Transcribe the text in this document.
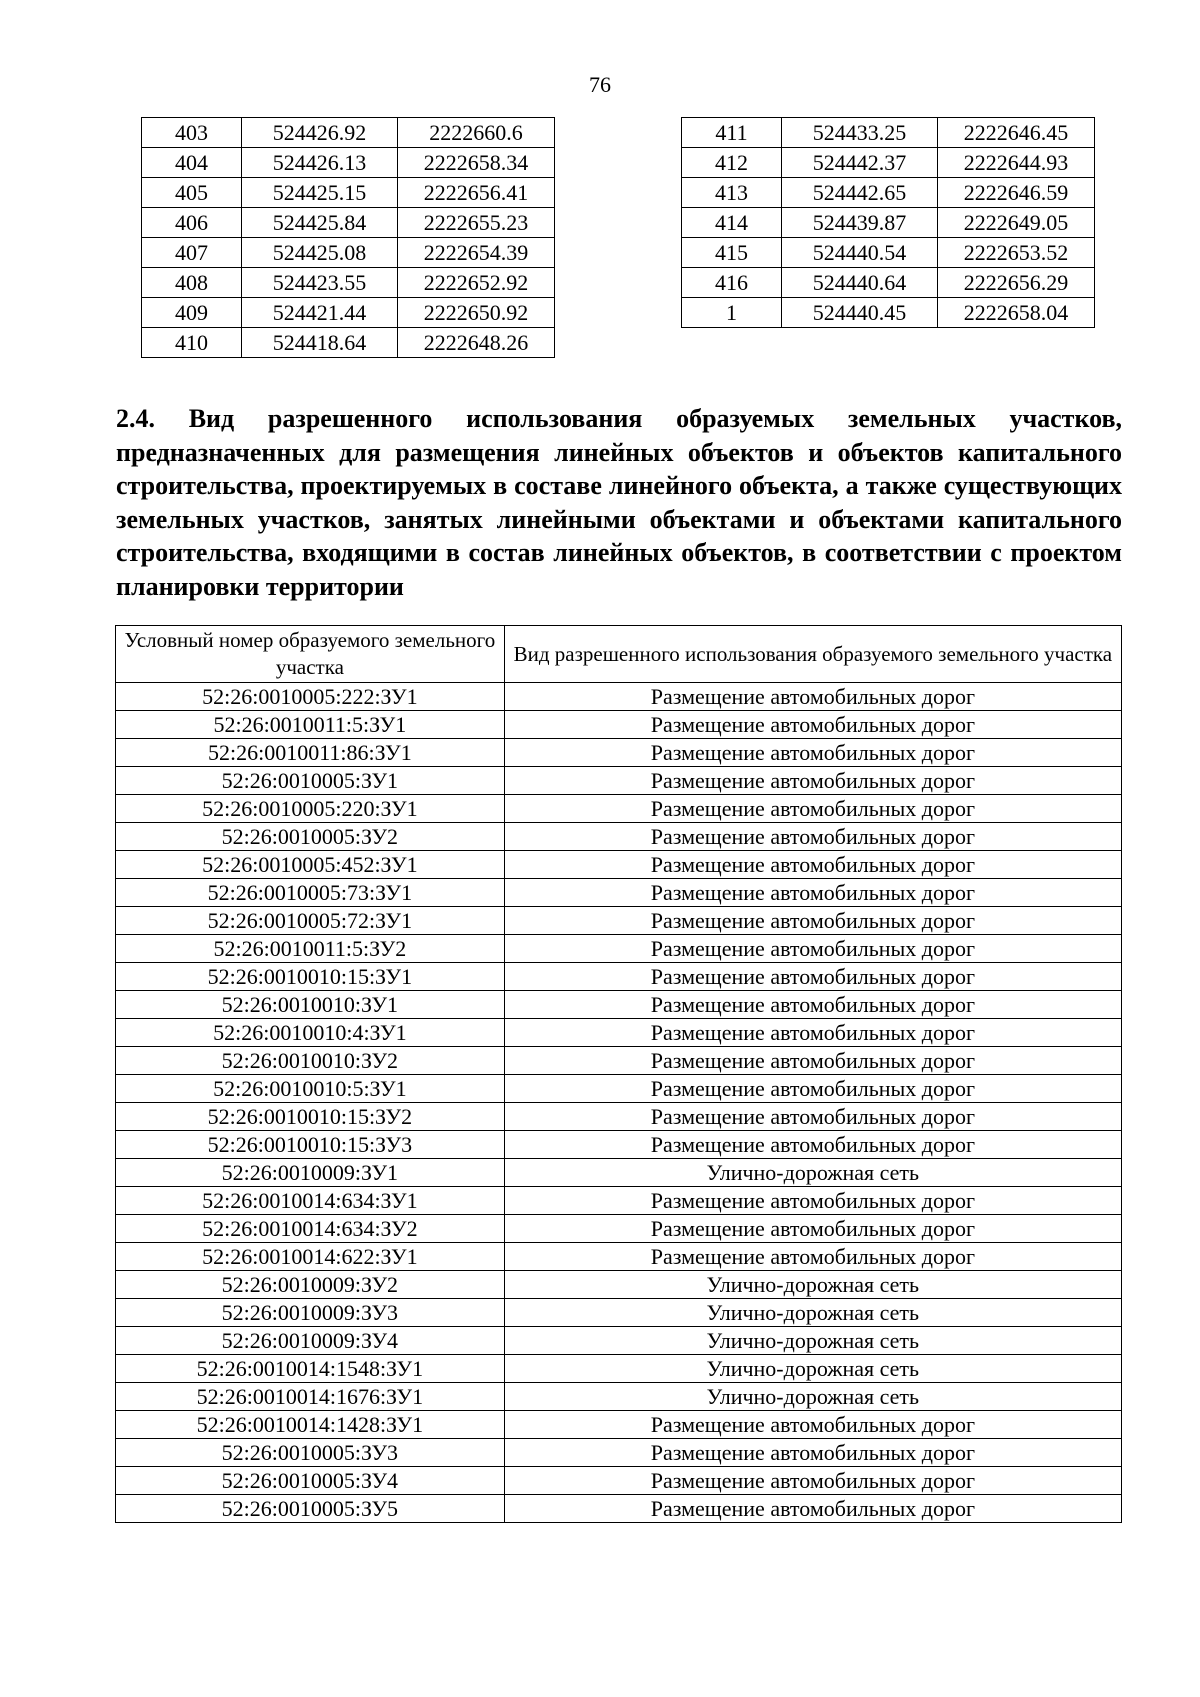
76
403	524426.92	2222660.6
404	524426.13	2222658.34
405	524425.15	2222656.41
406	524425.84	2222655.23
407	524425.08	2222654.39
408	524423.55	2222652.92
409	524421.44	2222650.92
410	524418.64	2222648.26
411	524433.25	2222646.45
412	524442.37	2222644.93
413	524442.65	2222646.59
414	524439.87	2222649.05
415	524440.54	2222653.52
416	524440.64	2222656.29
1	524440.45	2222658.04

2.4. Вид разрешенного использования образуемых земельных участков, предназначенных для размещения линейных объектов и объектов капитального строительства, проектируемых в составе линейного объекта, а также существующих земельных участков, занятых линейными объектами и объектами капитального строительства, входящими в состав линейных объектов, в соответствии с проектом планировки территории

Условный номер образуемого земельного участка	Вид разрешенного использования образуемого земельного участка
52:26:0010005:222:ЗУ1	Размещение автомобильных дорог
52:26:0010011:5:ЗУ1	Размещение автомобильных дорог
52:26:0010011:86:ЗУ1	Размещение автомобильных дорог
52:26:0010005:ЗУ1	Размещение автомобильных дорог
52:26:0010005:220:ЗУ1	Размещение автомобильных дорог
52:26:0010005:ЗУ2	Размещение автомобильных дорог
52:26:0010005:452:ЗУ1	Размещение автомобильных дорог
52:26:0010005:73:ЗУ1	Размещение автомобильных дорог
52:26:0010005:72:ЗУ1	Размещение автомобильных дорог
52:26:0010011:5:ЗУ2	Размещение автомобильных дорог
52:26:0010010:15:ЗУ1	Размещение автомобильных дорог
52:26:0010010:ЗУ1	Размещение автомобильных дорог
52:26:0010010:4:ЗУ1	Размещение автомобильных дорог
52:26:0010010:ЗУ2	Размещение автомобильных дорог
52:26:0010010:5:ЗУ1	Размещение автомобильных дорог
52:26:0010010:15:ЗУ2	Размещение автомобильных дорог
52:26:0010010:15:ЗУ3	Размещение автомобильных дорог
52:26:0010009:ЗУ1	Улично-дорожная сеть
52:26:0010014:634:ЗУ1	Размещение автомобильных дорог
52:26:0010014:634:ЗУ2	Размещение автомобильных дорог
52:26:0010014:622:ЗУ1	Размещение автомобильных дорог
52:26:0010009:ЗУ2	Улично-дорожная сеть
52:26:0010009:ЗУ3	Улично-дорожная сеть
52:26:0010009:ЗУ4	Улично-дорожная сеть
52:26:0010014:1548:ЗУ1	Улично-дорожная сеть
52:26:0010014:1676:ЗУ1	Улично-дорожная сеть
52:26:0010014:1428:ЗУ1	Размещение автомобильных дорог
52:26:0010005:ЗУ3	Размещение автомобильных дорог
52:26:0010005:ЗУ4	Размещение автомобильных дорог
52:26:0010005:ЗУ5	Размещение автомобильных дорог
